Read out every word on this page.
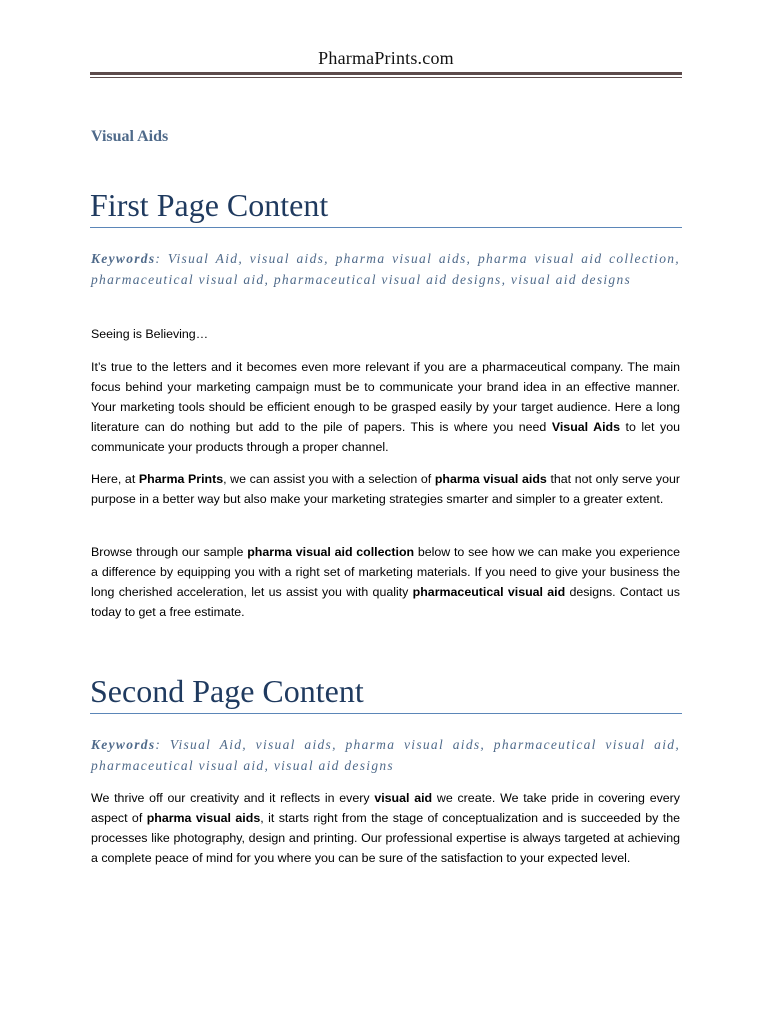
PharmaPrints.com
Visual Aids
First Page Content
Keywords: Visual Aid, visual aids, pharma visual aids, pharma visual aid collection, pharmaceutical visual aid, pharmaceutical visual aid designs, visual aid designs
Seeing is Believing…
It’s true to the letters and it becomes even more relevant if you are a pharmaceutical company. The main focus behind your marketing campaign must be to communicate your brand idea in an effective manner. Your marketing tools should be efficient enough to be grasped easily by your target audience. Here a long literature can do nothing but add to the pile of papers. This is where you need Visual Aids to let you communicate your products through a proper channel.
Here, at Pharma Prints, we can assist you with a selection of pharma visual aids that not only serve your purpose in a better way but also make your marketing strategies smarter and simpler to a greater extent.
Browse through our sample pharma visual aid collection below to see how we can make you experience a difference by equipping you with a right set of marketing materials. If you need to give your business the long cherished acceleration, let us assist you with quality pharmaceutical visual aid designs. Contact us today to get a free estimate.
Second Page Content
Keywords: Visual Aid, visual aids, pharma visual aids, pharmaceutical visual aid, pharmaceutical visual aid, visual aid designs
We thrive off our creativity and it reflects in every visual aid we create. We take pride in covering every aspect of pharma visual aids, it starts right from the stage of conceptualization and is succeeded by the processes like photography, design and printing. Our professional expertise is always targeted at achieving a complete peace of mind for you where you can be sure of the satisfaction to your expected level.
